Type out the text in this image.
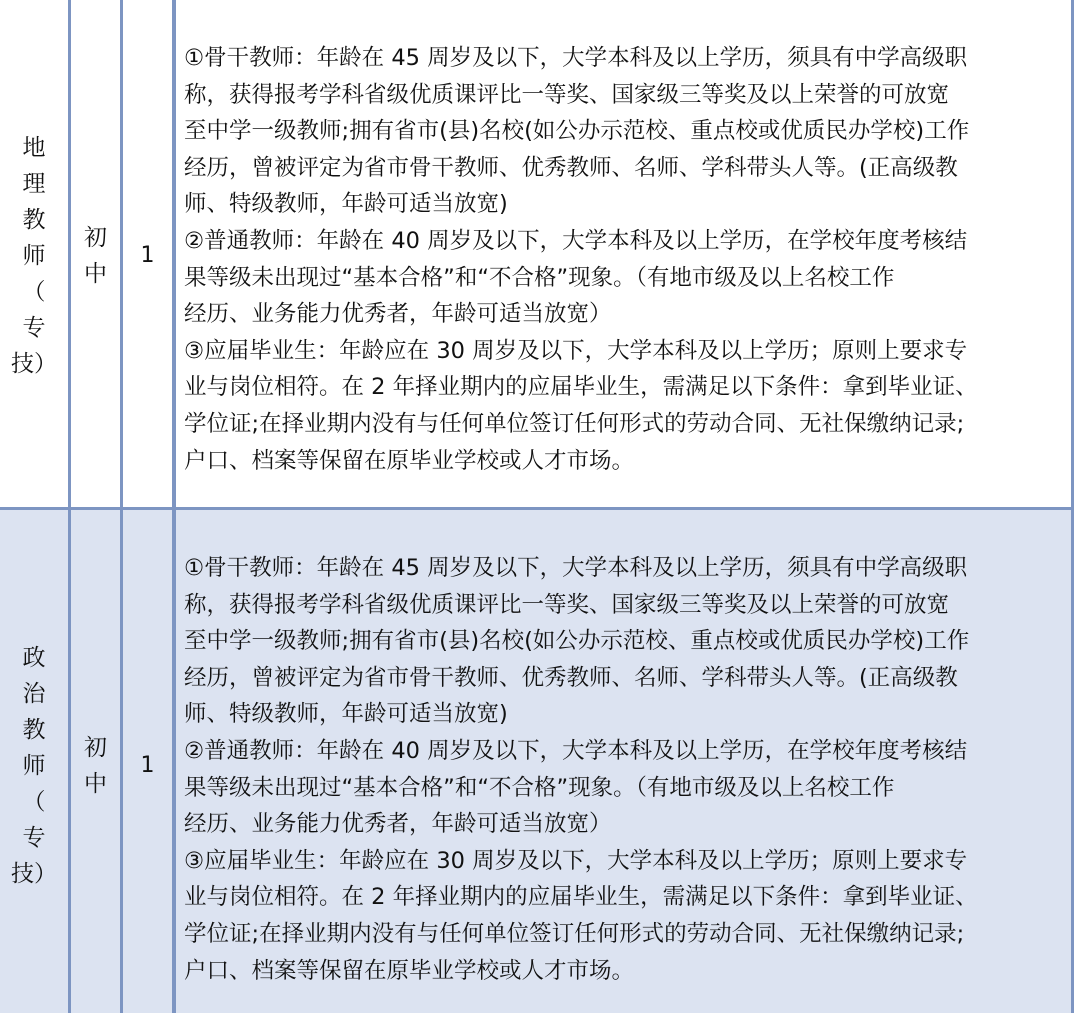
地
理
教
师
（
专
技）
初
中
1
①骨干教师：年龄在 45 周岁及以下，大学本科及以上学历，须具有中学高级职
称，获得报考学科省级优质课评比一等奖、国家级三等奖及以上荣誉的可放宽
至中学一级教师;拥有省市(县)名校(如公办示范校、重点校或优质民办学校)工作
经历，曾被评定为省市骨干教师、优秀教师、名师、学科带头人等。(正高级教
师、特级教师，年龄可适当放宽)
②普通教师：年龄在 40 周岁及以下，大学本科及以上学历，在学校年度考核结
果等级未出现过“基本合格”和“不合格”现象。（有地市级及以上名校工作
经历、业务能力优秀者，年龄可适当放宽）
③应届毕业生：年龄应在 30 周岁及以下，大学本科及以上学历；原则上要求专
业与岗位相符。在 2 年择业期内的应届毕业生，需满足以下条件：拿到毕业证、
学位证;在择业期内没有与任何单位签订任何形式的劳动合同、无社保缴纳记录;
户口、档案等保留在原毕业学校或人才市场。
政
治
教
师
（
专
技）
初
中
1
①骨干教师：年龄在 45 周岁及以下，大学本科及以上学历，须具有中学高级职
称，获得报考学科省级优质课评比一等奖、国家级三等奖及以上荣誉的可放宽
至中学一级教师;拥有省市(县)名校(如公办示范校、重点校或优质民办学校)工作
经历，曾被评定为省市骨干教师、优秀教师、名师、学科带头人等。(正高级教
师、特级教师，年龄可适当放宽)
②普通教师：年龄在 40 周岁及以下，大学本科及以上学历，在学校年度考核结
果等级未出现过“基本合格”和“不合格”现象。（有地市级及以上名校工作
经历、业务能力优秀者，年龄可适当放宽）
③应届毕业生：年龄应在 30 周岁及以下，大学本科及以上学历；原则上要求专
业与岗位相符。在 2 年择业期内的应届毕业生，需满足以下条件：拿到毕业证、
学位证;在择业期内没有与任何单位签订任何形式的劳动合同、无社保缴纳记录;
户口、档案等保留在原毕业学校或人才市场。
